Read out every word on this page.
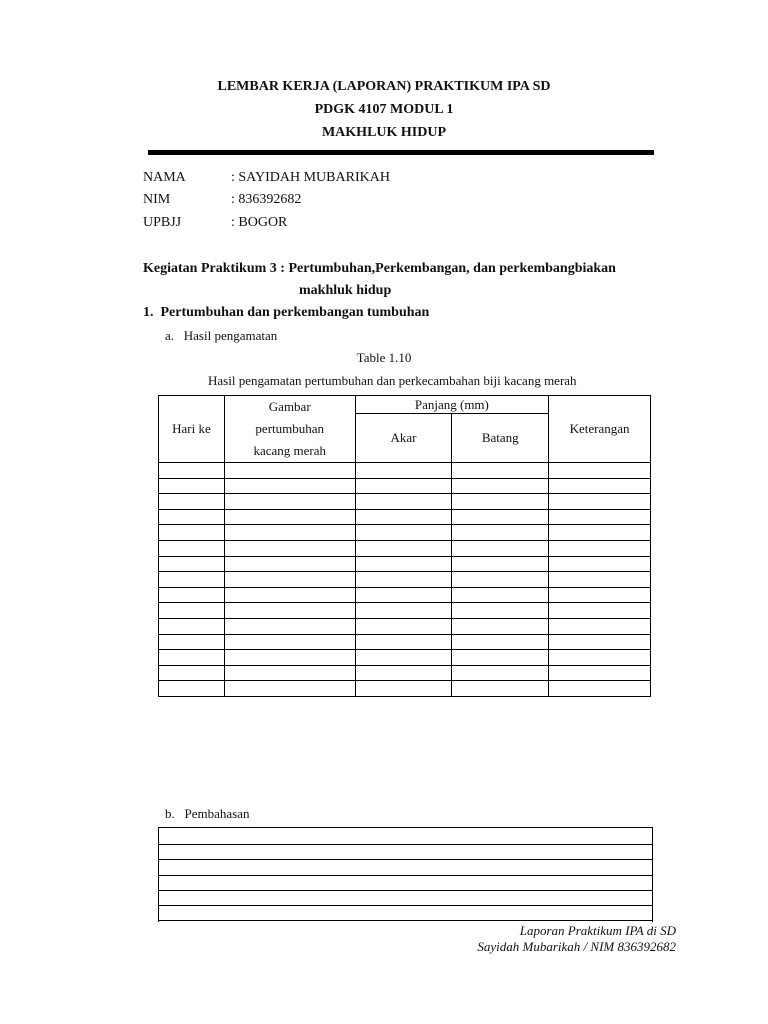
LEMBAR KERJA (LAPORAN) PRAKTIKUM IPA SD
PDGK 4107 MODUL 1
MAKHLUK HIDUP
NAMA	: SAYIDAH MUBARIKAH
NIM	: 836392682
UPBJJ	: BOGOR
Kegiatan Praktikum 3 : Pertumbuhan,Perkembangan, dan perkembangbiakan
makhluk hidup
1.  Pertumbuhan dan perkembangan tumbuhan
a.   Hasil pengamatan
Table 1.10
Hasil pengamatan pertumbuhan dan perkecambahan biji kacang merah
Hari ke	Gambar
pertumbuhan
kacang merah	Panjang (mm)		Keterangan
		Akar	Batang	

b.   Pembahasan
Laporan Praktikum IPA di SD
Sayidah Mubarikah / NIM 836392682
